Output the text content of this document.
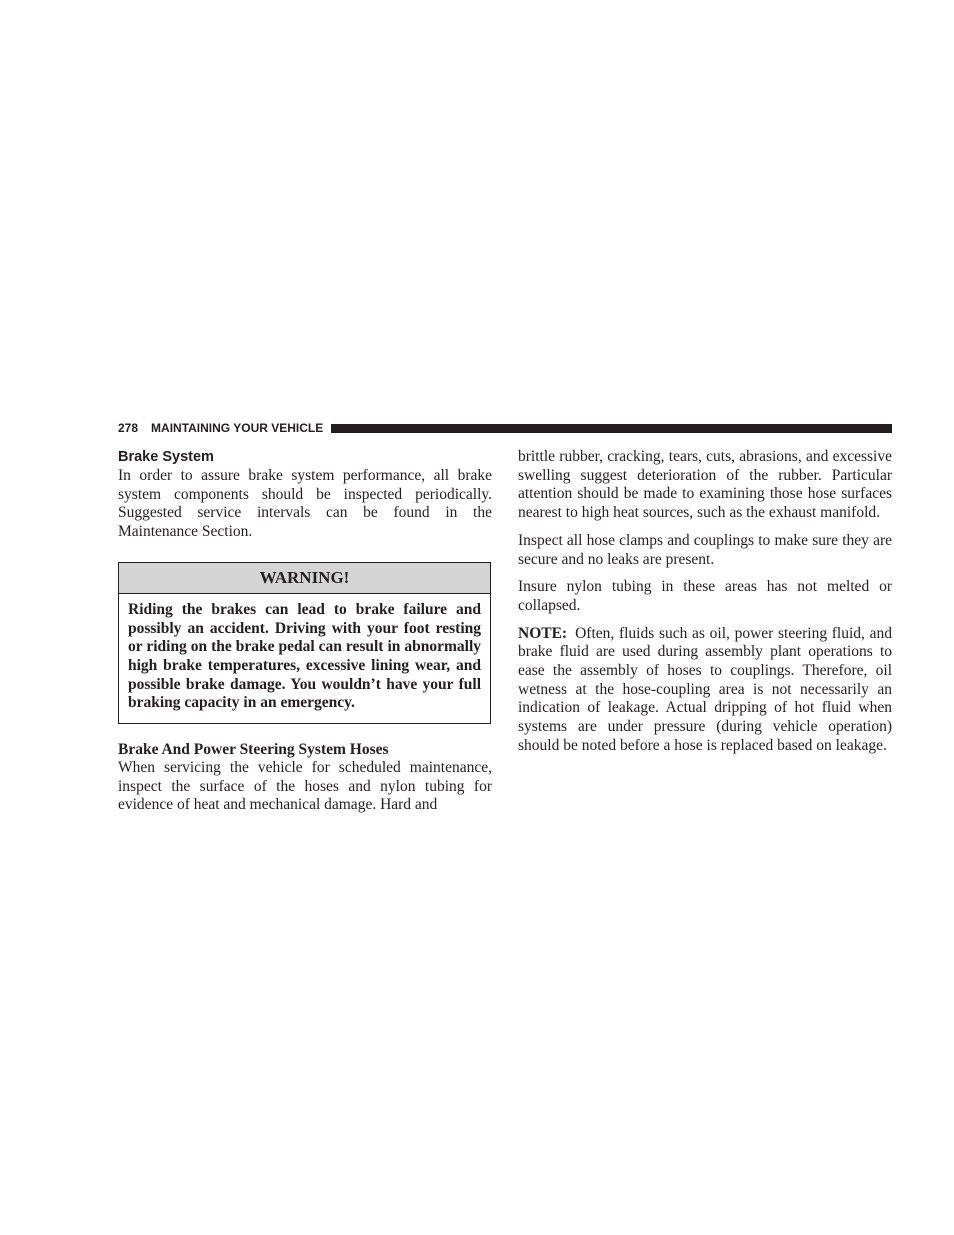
278 MAINTAINING YOUR VEHICLE
Brake System

In order to assure brake system performance, all brake system components should be inspected periodically. Suggested service intervals can be found in the Maintenance Section.

WARNING!
Riding the brakes can lead to brake failure and possibly an accident. Driving with your foot resting or riding on the brake pedal can result in abnormally high brake temperatures, excessive lining wear, and possible brake damage. You wouldn’t have your full braking capacity in an emergency.
Brake And Power Steering System Hoses

When servicing the vehicle for scheduled maintenance, inspect the surface of the hoses and nylon tubing for evidence of heat and mechanical damage. Hard and

brittle rubber, cracking, tears, cuts, abrasions, and excessive swelling suggest deterioration of the rubber. Particular attention should be made to examining those hose surfaces nearest to high heat sources, such as the exhaust manifold.

Inspect all hose clamps and couplings to make sure they are secure and no leaks are present.

Insure nylon tubing in these areas has not melted or collapsed.

NOTE: Often, fluids such as oil, power steering fluid, and brake fluid are used during assembly plant operations to ease the assembly of hoses to couplings. Therefore, oil wetness at the hose-coupling area is not necessarily an indication of leakage. Actual dripping of hot fluid when systems are under pressure (during vehicle operation) should be noted before a hose is replaced based on leakage.
